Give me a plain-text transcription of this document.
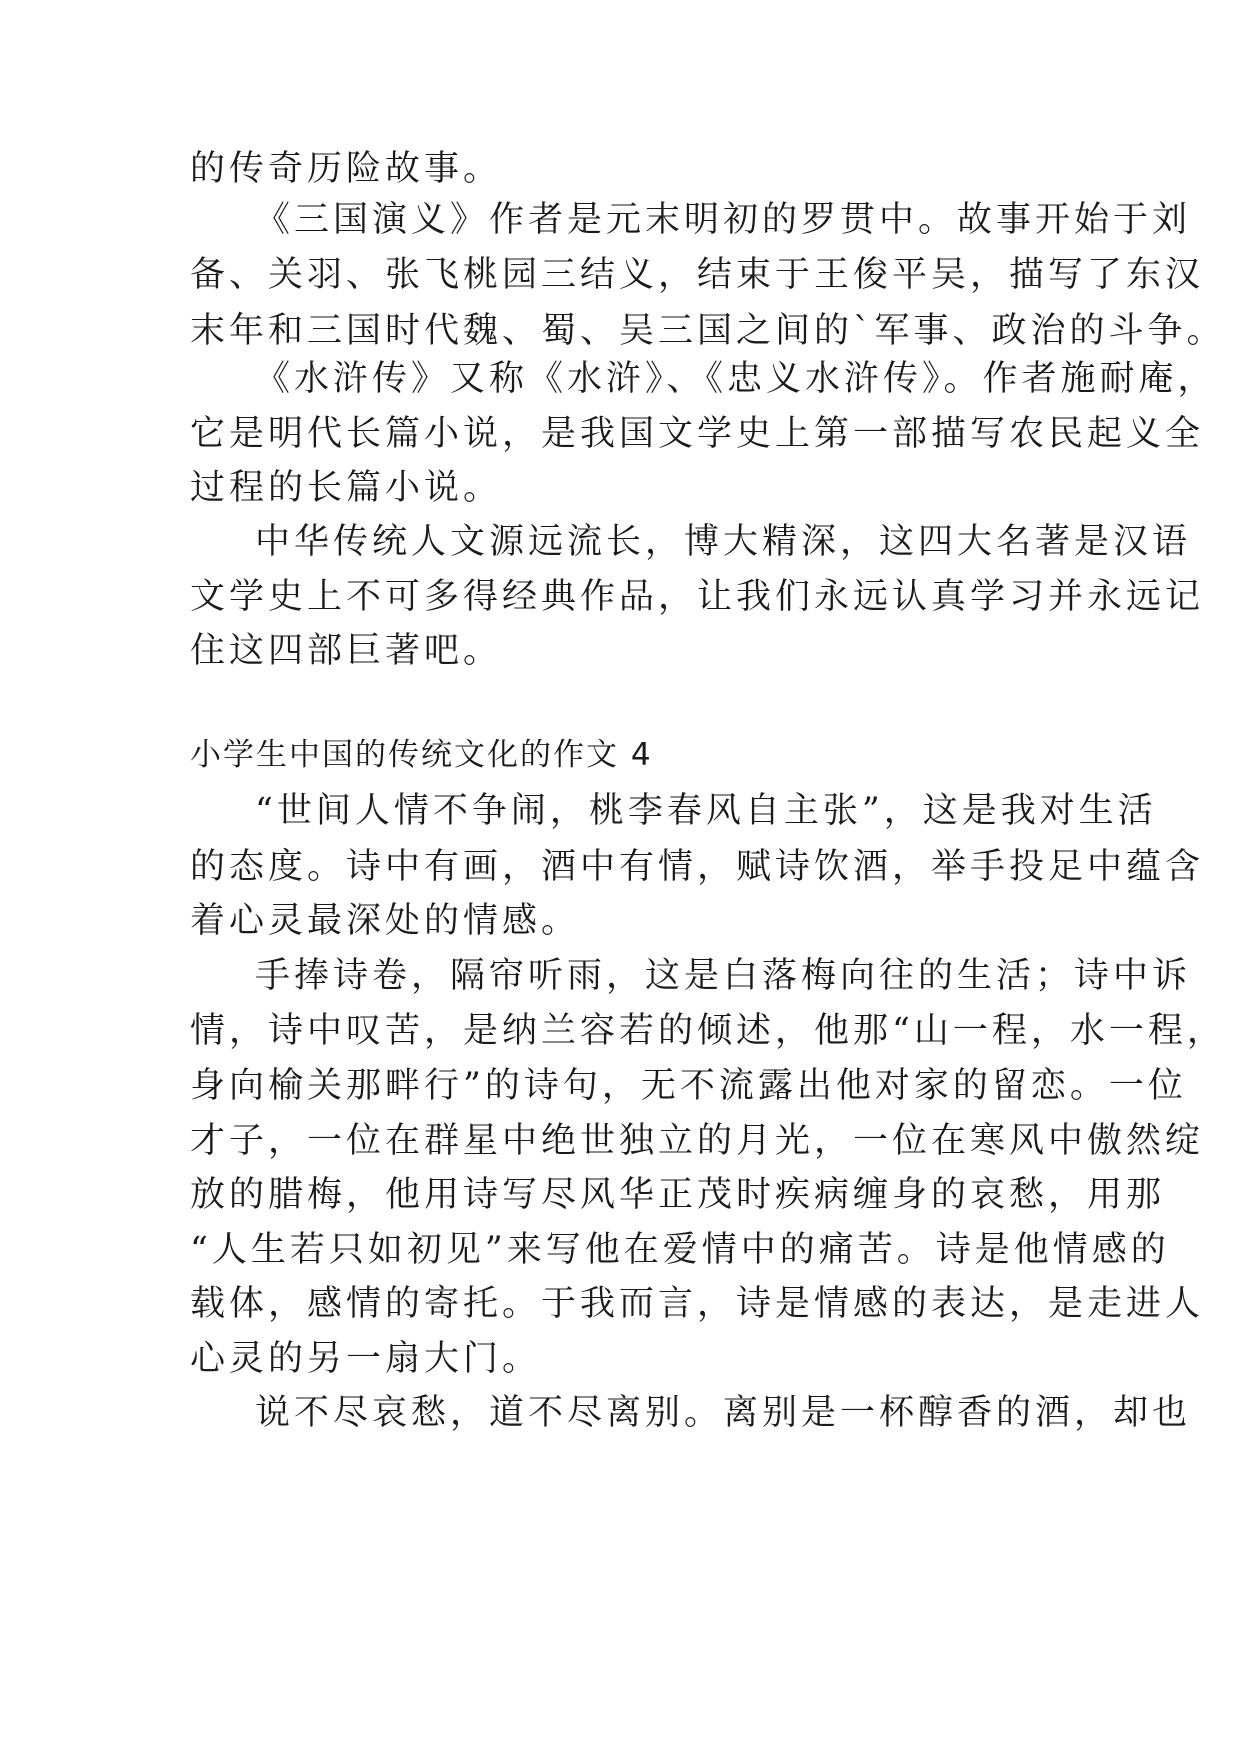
的传奇历险故事。

《三国演义》作者是元末明初的罗贯中。故事开始于刘

备、关羽、张飞桃园三结义，结束于王俊平吴，描写了东汉

末年和三国时代魏、蜀、吴三国之间的`军事、政治的斗争。

《水浒传》又称《水浒》、《忠义水浒传》。作者施耐庵，

它是明代长篇小说，是我国文学史上第一部描写农民起义全

过程的长篇小说。

中华传统人文源远流长，博大精深，这四大名著是汉语

文学史上不可多得经典作品，让我们永远认真学习并永远记

住这四部巨著吧。

小学生中国的传统文化的作文 4

“世间人情不争闹，桃李春风自主张”，这是我对生活

的态度。诗中有画，酒中有情，赋诗饮酒，举手投足中蕴含

着心灵最深处的情感。

手捧诗卷，隔帘听雨，这是白落梅向往的生活；诗中诉

情，诗中叹苦，是纳兰容若的倾述，他那“山一程，水一程，

身向榆关那畔行”的诗句，无不流露出他对家的留恋。一位

才子，一位在群星中绝世独立的月光，一位在寒风中傲然绽

放的腊梅，他用诗写尽风华正茂时疾病缠身的哀愁，用那

“人生若只如初见”来写他在爱情中的痛苦。诗是他情感的

载体，感情的寄托。于我而言，诗是情感的表达，是走进人

心灵的另一扇大门。

说不尽哀愁，道不尽离别。离别是一杯醇香的酒，却也
